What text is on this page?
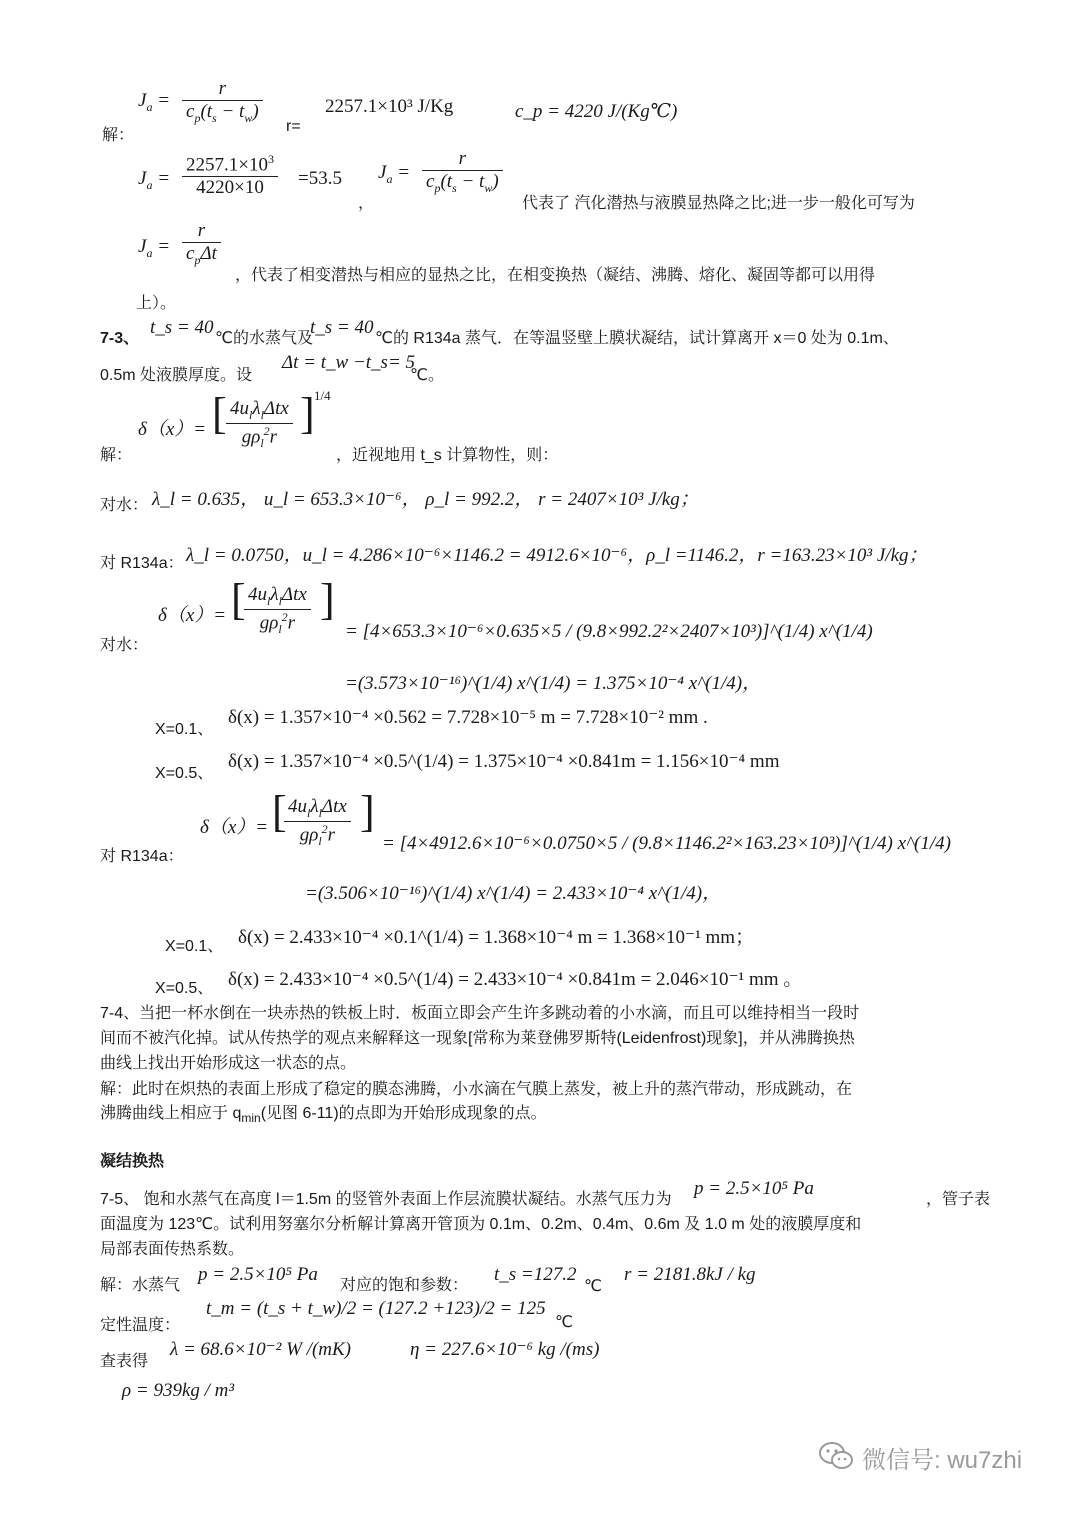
$J_a = \frac{r}{c_p(t_s - t_w)}$
解：
r=
2257.1×10³ J/Kg	c_p = 4220 J/(Kg℃)
$J_a = \frac{2257.1\times 10^3}{4220\times 10} =53.5$
，
$J_a = \frac{r}{c_p(t_s - t_w)}$
代表了 汽化潜热与液膜显热降之比;进一步一般化可写为
$J_a$ =
r
$c_p\Delta t$
，代表了相变潜热与相应的显热之比，在相变换热（凝结、沸腾、熔化、凝固等都可以用得
上）。
7-3、
t_s = 40
℃的水蒸气及
t_s = 40
℃的 R134a 蒸气．在等温竖壁上膜状凝结，试计算离开 x＝0 处为 0.1m、
0.5m 处液膜厚度。设
Δt = t_w −t_s= 5
℃。
解：
δ（x）= [ $4u_l\lambda_l\Delta tx$
$g\rho_l^2r$ ] 1/4
，近视地用 t_s 计算物性，则：
对水： λ_l = 0.635， u_l = 653.3×10⁻⁶， ρ_l = 992.2， r = 2407×10³ J/kg；
对 R134a： λ_l = 0.0750，u_l = 4.286×10⁻⁶×1146.2 = 4912.6×10⁻⁶，ρ_l =1146.2，r =163.23×10³ J/kg；
对水：
δ（x）= [ $4u_l\lambda_l\Delta tx$
$g\rho_l^2r$ ]
= [4×653.3×10⁻⁶×0.635×5 / (9.8×992.2²×2407×10³)]^(1/4) x^(1/4)
=(3.573×10⁻¹⁶)^(1/4) x^(1/4) = 1.375×10⁻⁴ x^(1/4)，
X=0.1、
δ(x) = 1.357×10⁻⁴ ×0.562 = 7.728×10⁻⁵ m = 7.728×10⁻² mm .
X=0.5、
δ(x) = 1.357×10⁻⁴ ×0.5^(1/4) = 1.375×10⁻⁴ ×0.841m = 1.156×10⁻⁴ mm
对 R134a：
δ（x）= [ $4u_l\lambda_l\Delta tx$
$g\rho_l^2r$ ]
= [4×4912.6×10⁻⁶×0.0750×5 / (9.8×1146.2²×163.23×10³)]^(1/4) x^(1/4)
=(3.506×10⁻¹⁶)^(1/4) x^(1/4) = 2.433×10⁻⁴ x^(1/4)，
X=0.1、 δ(x) = 2.433×10⁻⁴ ×0.1^(1/4) = 1.368×10⁻⁴ m = 1.368×10⁻¹ mm；
X=0.5、 δ(x) = 2.433×10⁻⁴ ×0.5^(1/4) = 2.433×10⁻⁴ ×0.841m = 2.046×10⁻¹ mm 。
7-4、当把一杯水倒在一块赤热的铁板上时．板面立即会产生许多跳动着的小水滴，而且可以维持相当一段时
间而不被汽化掉。试从传热学的观点来解释这一现象[常称为莱登佛罗斯特(Leidenfrost)现象]，并从沸腾换热
曲线上找出开始形成这一状态的点。
解：此时在炽热的表面上形成了稳定的膜态沸腾，小水滴在气膜上蒸发，被上升的蒸汽带动，形成跳动，在
沸腾曲线上相应于 $q_{min}$(见图 6-11)的点即为开始形成现象的点。
凝结换热
7-5、 饱和水蒸气在高度 l＝1.5m 的竖管外表面上作层流膜状凝结。水蒸气压力为
p = 2.5×10⁵ Pa
，管子表
面温度为 123℃。试利用努塞尔分析解计算离开管顶为 0.1m、0.2m、0.4m、0.6m 及 1.0 m 处的液膜厚度和
局部表面传热系数。
解：水蒸气
p = 2.5×10⁵ Pa
对应的饱和参数：
t_s =127.2
℃
r = 2181.8kJ / kg
定性温度：
t_m = (t_s + t_w)/2 = (127.2 +123)/2 = 125
℃
查表得
λ = 68.6×10⁻² W /(mK)	η = 227.6×10⁻⁶ kg /(ms)
ρ = 939kg / m³
微信号: wu7zhi
